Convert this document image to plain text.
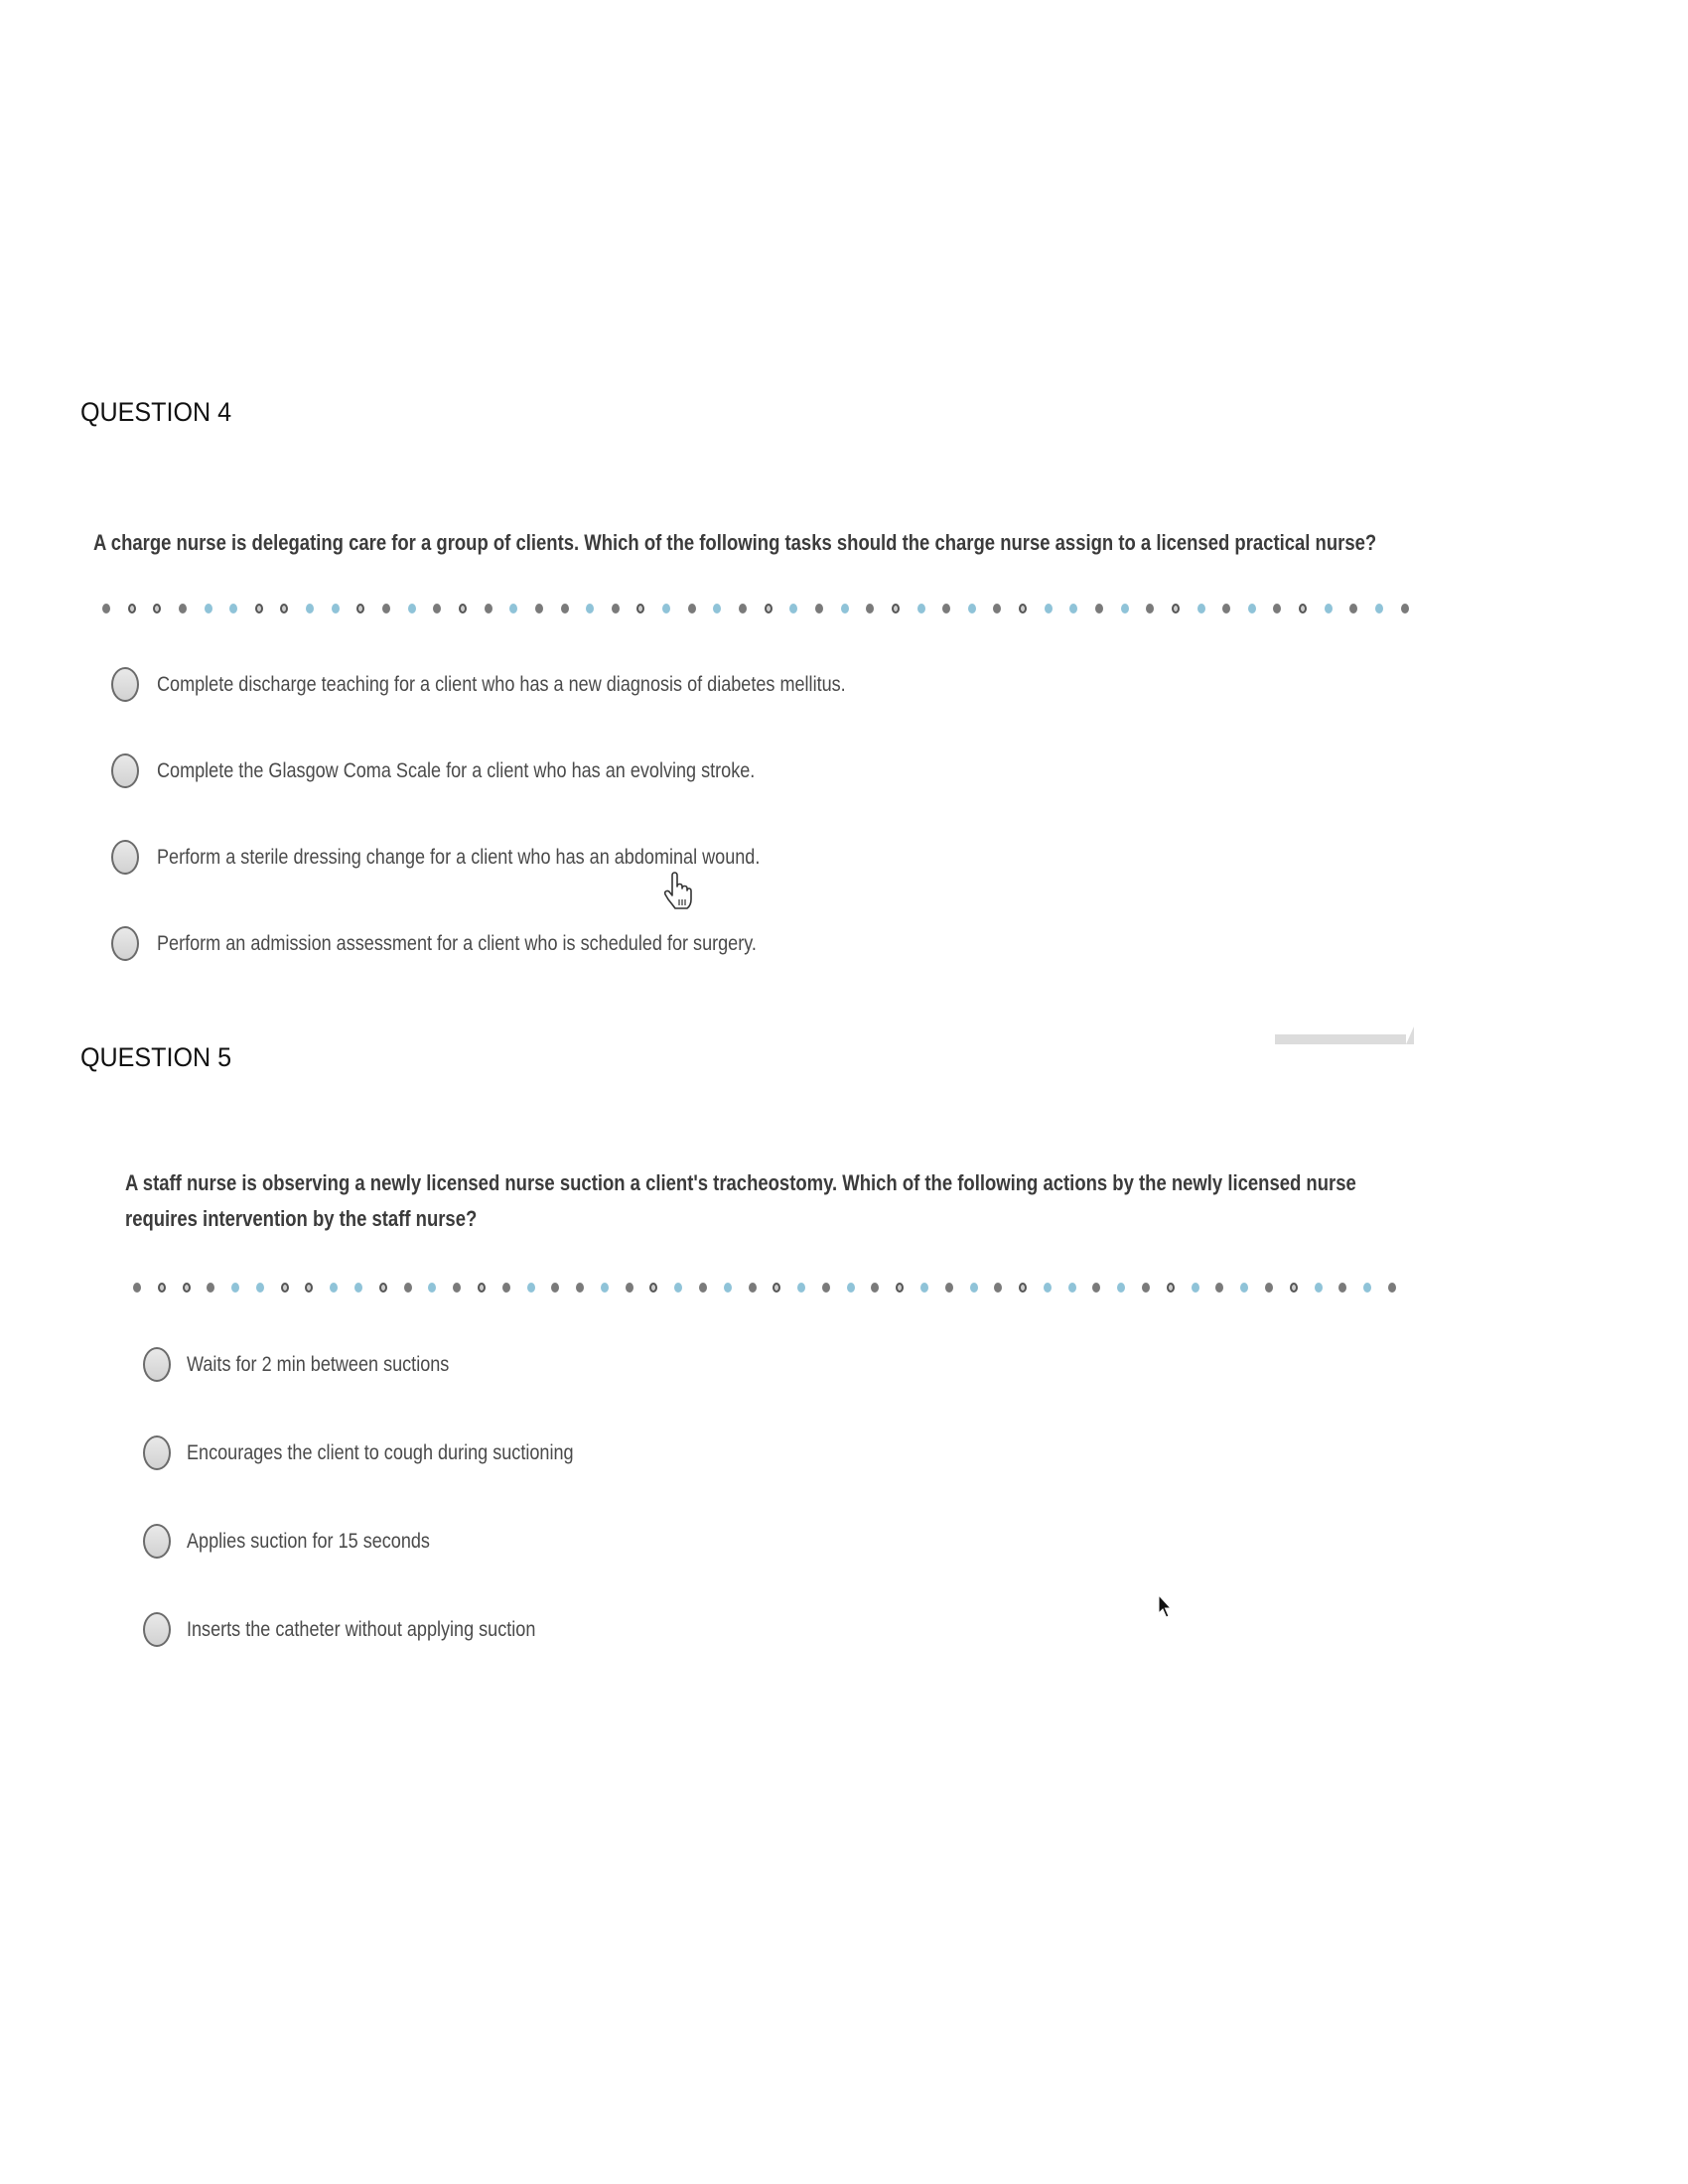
QUESTION 4
A charge nurse is delegating care for a group of clients. Which of the following tasks should the charge nurse assign to a licensed practical nurse?
Complete discharge teaching for a client who has a new diagnosis of diabetes mellitus.
Complete the Glasgow Coma Scale for a client who has an evolving stroke.
Perform a sterile dressing change for a client who has an abdominal wound.
Perform an admission assessment for a client who is scheduled for surgery.
QUESTION 5
A staff nurse is observing a newly licensed nurse suction a client's tracheostomy. Which of the following actions by the newly licensed nurse
requires intervention by the staff nurse?
Waits for 2 min between suctions
Encourages the client to cough during suctioning
Applies suction for 15 seconds
Inserts the catheter without applying suction
